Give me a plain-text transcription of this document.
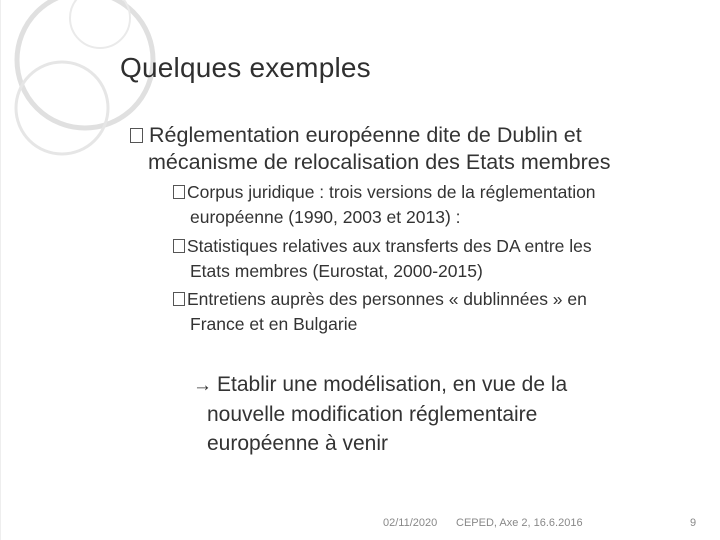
Quelques exemples
Réglementation européenne dite de Dublin et
mécanisme de relocalisation des Etats membres
Corpus juridique : trois versions de la réglementation
européenne (1990, 2003 et 2013) :
Statistiques relatives aux transferts des DA entre les
Etats membres (Eurostat, 2000-2015)
Entretiens auprès des personnes « dublinnées » en
France et en Bulgarie
→ Etablir une modélisation, en vue de la
nouvelle modification réglementaire
européenne à venir
02/11/2020 CEPED, Axe 2, 16.6.2016	9
